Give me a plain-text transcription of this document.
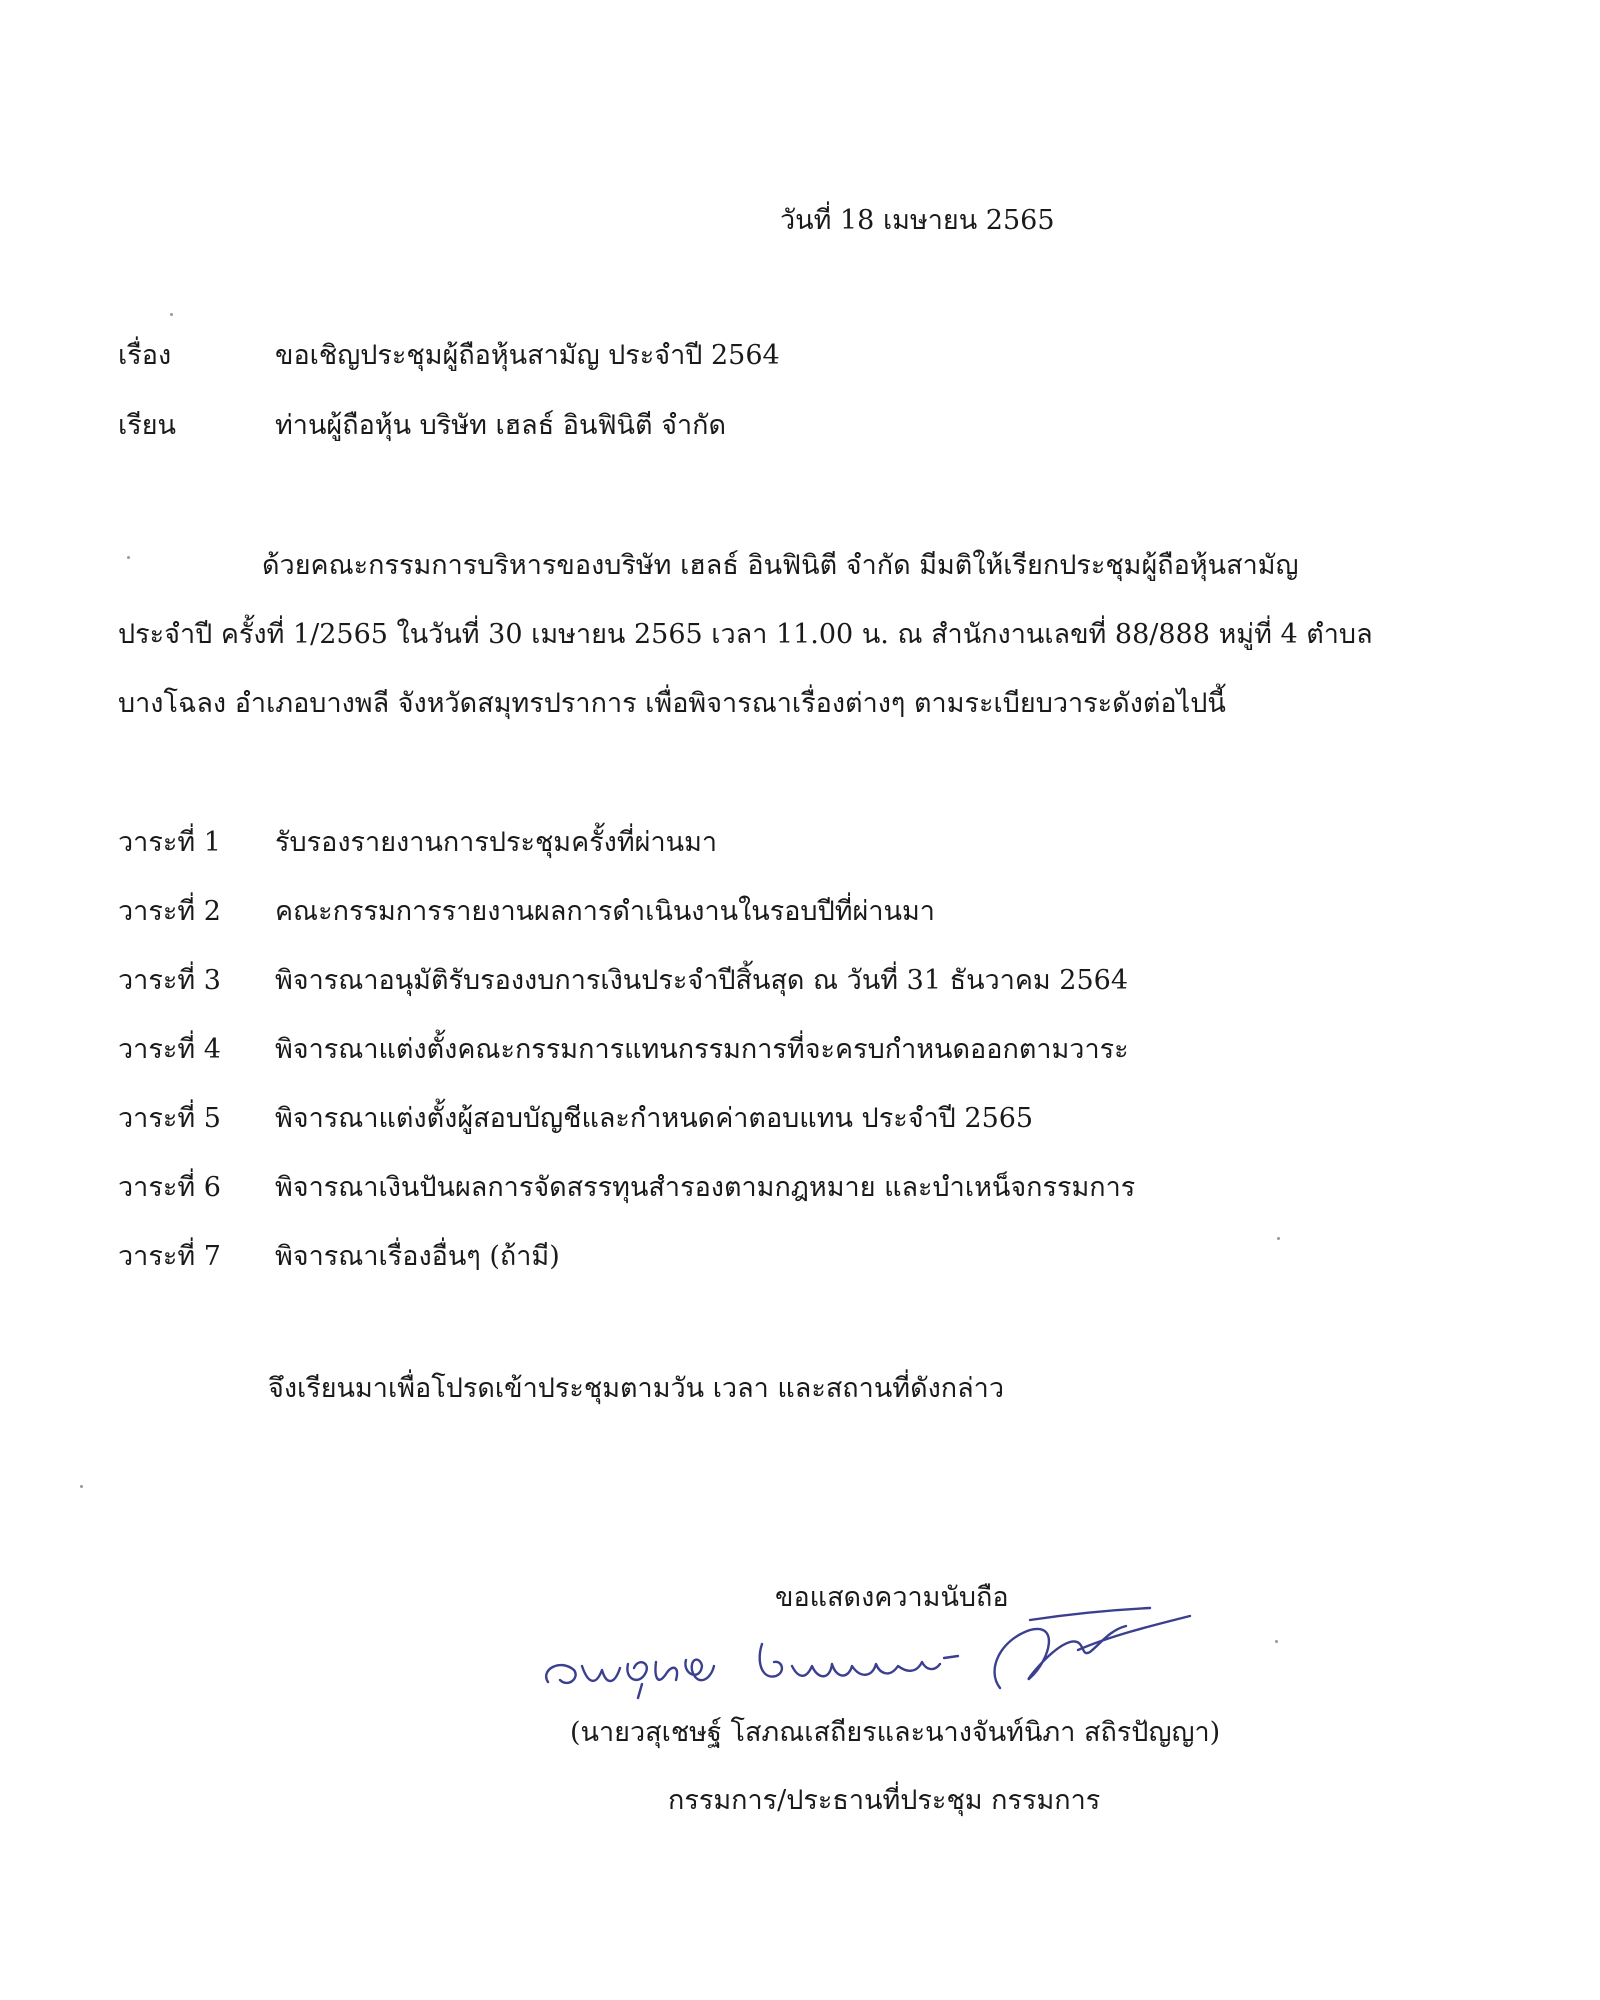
วันที่ 18 เมษายน 2565
เรื่อง	ขอเชิญประชุมผู้ถือหุ้นสามัญ ประจำปี 2564
เรียน	ท่านผู้ถือหุ้น บริษัท เฮลธ์ อินฟินิตี จำกัด
ด้วยคณะกรรมการบริหารของบริษัท เฮลธ์ อินฟินิตี จำกัด มีมติให้เรียกประชุมผู้ถือหุ้นสามัญ
ประจำปี ครั้งที่ 1/2565 ในวันที่ 30 เมษายน 2565 เวลา 11.00 น. ณ สำนักงานเลขที่ 88/888 หมู่ที่ 4 ตำบล
บางโฉลง อำเภอบางพลี จังหวัดสมุทรปราการ เพื่อพิจารณาเรื่องต่างๆ ตามระเบียบวาระดังต่อไปนี้
วาระที่ 1 รับรองรายงานการประชุมครั้งที่ผ่านมา
วาระที่ 2 คณะกรรมการรายงานผลการดำเนินงานในรอบปีที่ผ่านมา
วาระที่ 3 พิจารณาอนุมัติรับรองงบการเงินประจำปีสิ้นสุด ณ วันที่ 31 ธันวาคม 2564
วาระที่ 4 พิจารณาแต่งตั้งคณะกรรมการแทนกรรมการที่จะครบกำหนดออกตามวาระ
วาระที่ 5 พิจารณาแต่งตั้งผู้สอบบัญชีและกำหนดค่าตอบแทน ประจำปี 2565
วาระที่ 6 พิจารณาเงินปันผลการจัดสรรทุนสำรองตามกฎหมาย และบำเหน็จกรรมการ
วาระที่ 7 พิจารณาเรื่องอื่นๆ (ถ้ามี)
จึงเรียนมาเพื่อโปรดเข้าประชุมตามวัน เวลา และสถานที่ดังกล่าว
ขอแสดงความนับถือ
(นายวสุเชษฐ์ โสภณเสถียรและนางจันท์นิภา สถิรปัญญา)
กรรมการ/ประธานที่ประชุม กรรมการ
